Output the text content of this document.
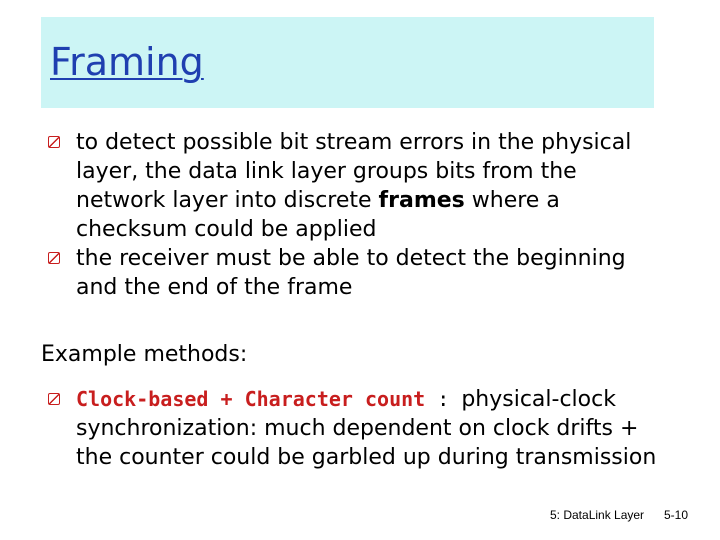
Framing
to detect possible bit stream errors in the physical layer, the data link layer groups bits from the network layer into discrete frames where a checksum could be applied
the receiver must be able to detect the beginning and the end of the frame
Example methods:
Clock-based + Character count : physical-clock synchronization: much dependent on clock drifts + the counter could be garbled up during transmission
5: DataLink Layer 5-10
